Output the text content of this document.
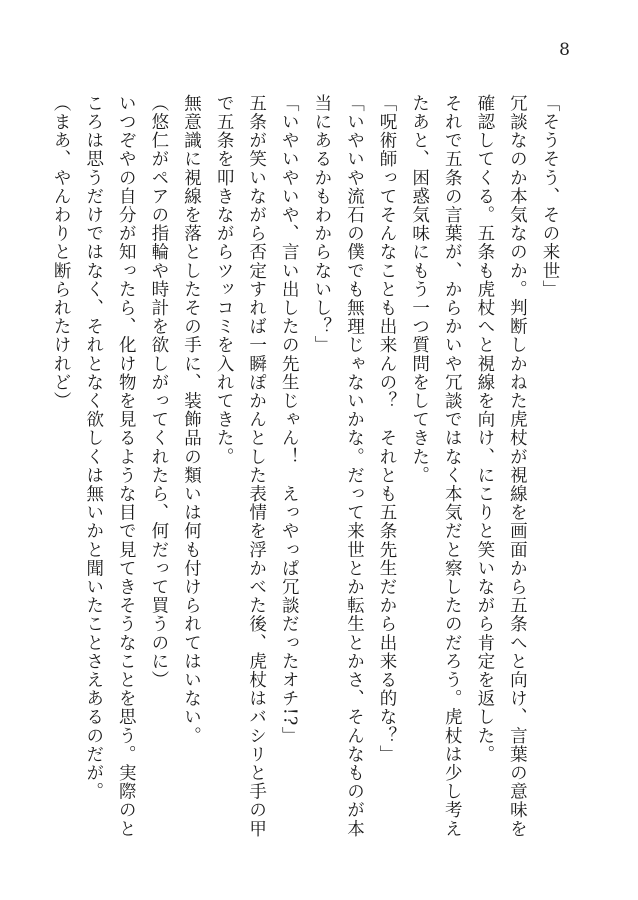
8

「そうそう、その来世」

冗談なのか本気なのか。判断しかねた虎杖が視線を画面から五条へと向け、言葉の意味を確認してくる。五条も虎杖へと視線を向け、にこりと笑いながら肯定を返した。

それで五条の言葉が、からかいや冗談ではなく本気だと察したのだろう。虎杖は少し考えたあと、困惑気味にもう一つ質問をしてきた。

「呪術師ってそんなことも出来んの？　それとも五条先生だから出来る的な？」

「いやいや流石の僕でも無理じゃないかな。だって来世とか転生とかさ、そんなものが本当にあるかもわからないし？」

「いやいやいや、言い出したの先生じゃん！　えっやっぱ冗談だったオチ!?」

五条が笑いながら否定すれば一瞬ぽかんとした表情を浮かべた後、虎杖はバシリと手の甲で五条を叩きながらツッコミを入れてきた。

無意識に視線を落としたその手に、装飾品の類いは何も付けられてはいない。

（悠仁がペアの指輪や時計を欲しがってくれたら、何だって買うのに）

いつぞやの自分が知ったら、化け物を見るような目で見てきそうなことを思う。実際のところは思うだけではなく、それとなく欲しくは無いかと聞いたことさえあるのだが。

（まあ、やんわりと断られたけれど）
